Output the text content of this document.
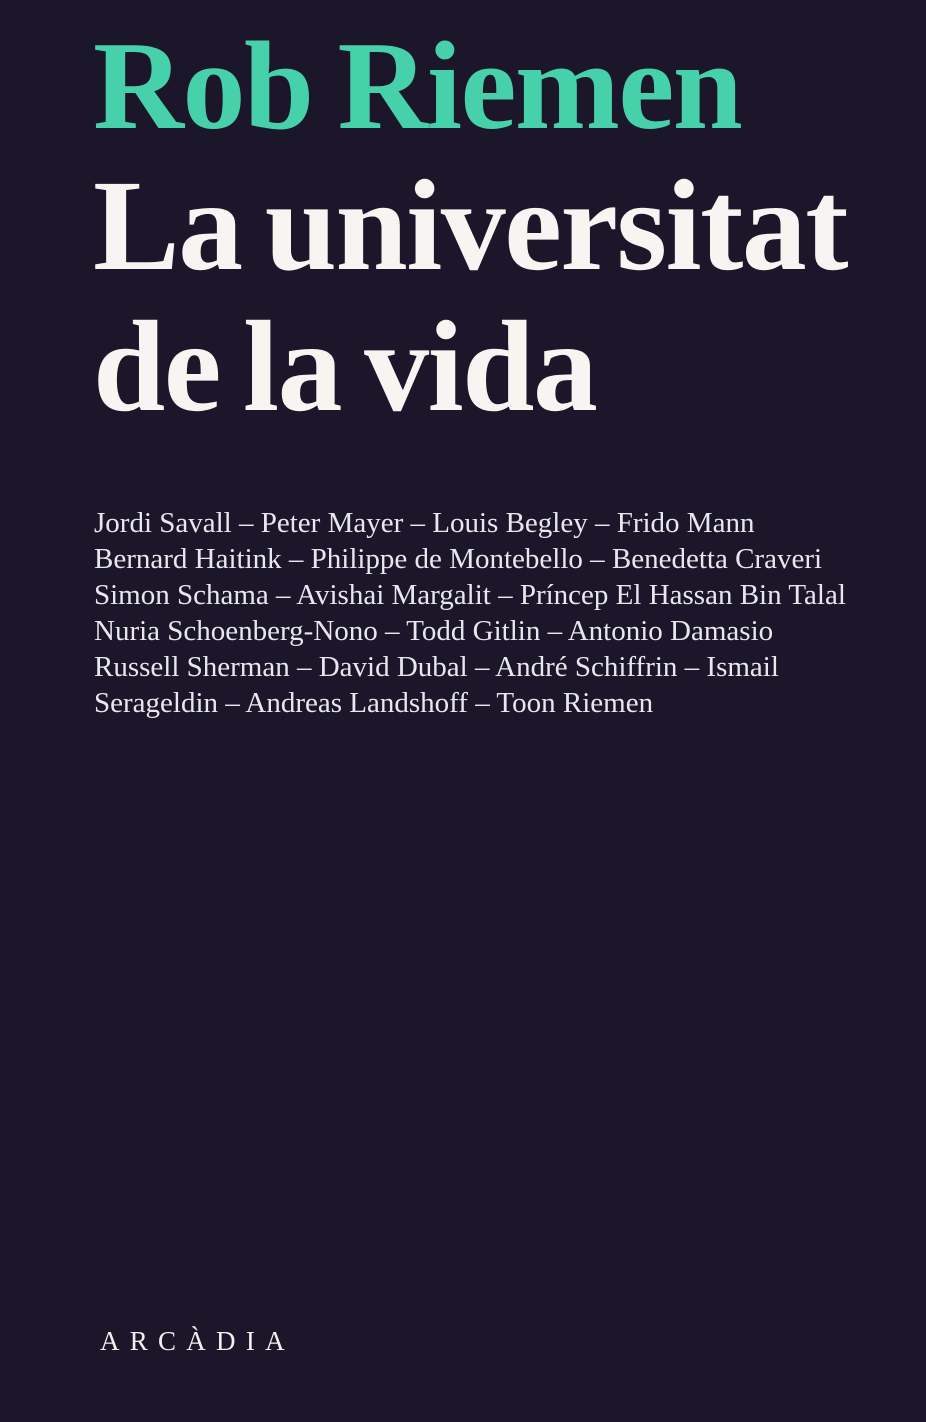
Rob Riemen
La universitat
de la vida
Jordi Savall – Peter Mayer – Louis Begley – Frido Mann
Bernard Haitink – Philippe de Montebello – Benedetta Craveri
Simon Schama – Avishai Margalit – Príncep El Hassan Bin Talal
Nuria Schoenberg-Nono – Todd Gitlin – Antonio Damasio
Russell Sherman – David Dubal – André Schiffrin – Ismail
Serageldin – Andreas Landshoff – Toon Riemen
ARCÀDIA
